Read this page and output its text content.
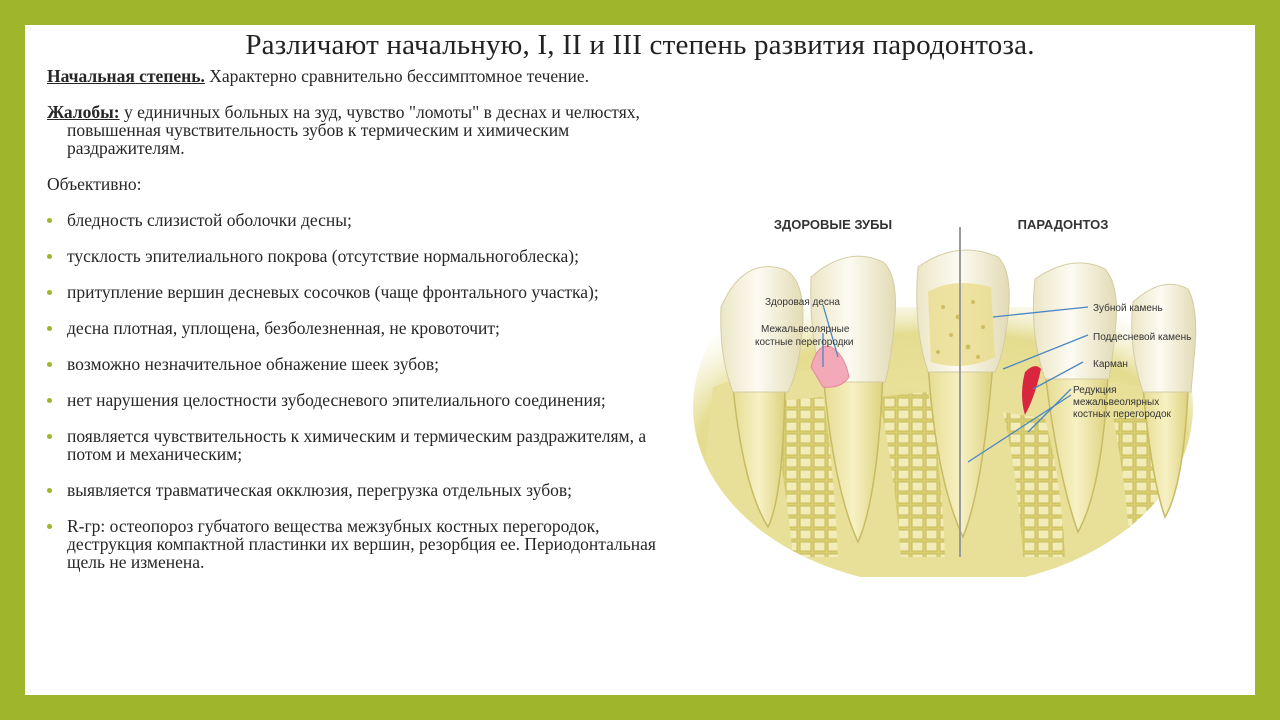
Различают начальную, I, II и III степень развития пародонтоза.

Начальная степень. Характерно сравнительно бессимптомное течение.

Жалобы: у единичных больных на зуд, чувство "ломоты" в деснах и челюстях, повышенная чувствительность зубов к термическим и химическим раздражителям.

Объективно:

бледность слизистой оболочки десны;
тусклость эпителиального покрова (отсутствие нормальногоблеска);
притупление вершин десневых сосочков (чаще фронтального участка);
десна плотная, уплощена, безболезненная, не кровоточит;
возможно незначительное обнажение шеек зубов;
нет нарушения целостности зубодесневого эпителиального соединения;
появляется чувствительность к химическим и термическим раздражителям, а потом и механическим;
выявляется травматическая окклюзия, перегрузка отдельных зубов;
R-гр: остеопороз губчатого вещества межзубных костных перегородок, деструкция компактной пластинки их вершин, резорбция ее. Периодонтальная щель не изменена.
ЗДОРОВЫЕ ЗУБЫ	ПАРАДОНТОЗ
Здоровая десна
Межальвеолярные
костные перегородки
Зубной камень
Поддесневой камень
Карман
Редукция
межальвеолярных
костных перегородок
